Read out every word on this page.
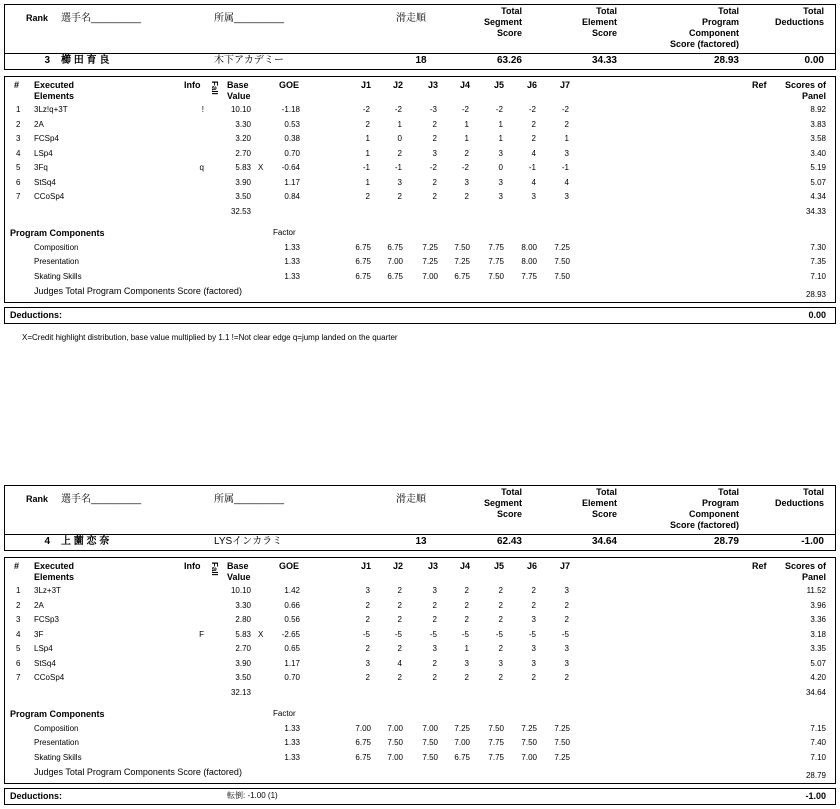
Rank 選手名_________	所属_________	滑走順
Total
Segment
Score
Total
Element
Score
Total
Program
Component
Score (factored)
Total
Deductions
3 櫛 田 育 良	木下アカデミー	18	63.26	34.33	28.93	0.00
# Executed
Elements
Info Fall Base
Value
GOE	J1	J2	J3	J4	J5	J6	J7	Ref Scores of
Panel
1 3Lz!q+3T	!	10.10	-1.18	-2	-2	-3	-2	-2	-2	-2	8.92
2 2A	3.30	0.53	2	1	2	1	1	2	2	3.83
3 FCSp4	3.20	0.38	1	0	2	1	1	2	1	3.58
4 LSp4	2.70	0.70	1	2	3	2	3	4	3	3.40
5 3Fq	q	5.83 X -0.64	-1	-1	-2	-2	0	-1	-1	5.19
6 StSq4	3.90	1.17	1	3	2	3	3	4	4	5.07
7 CCoSp4	3.50	0.84	2	2	2	2	3	3	3	4.34
32.53	34.33
Program Components	Factor
Composition	1.33	6.75 6.75 7.25 7.50 7.75 8.00 7.25	7.30
Presentation	1.33	6.75 7.00 7.25 7.25 7.75 8.00 7.50	7.35
Skating Skills	1.33	6.75 6.75 7.00 6.75 7.50 7.75 7.50	7.10
Judges Total Program Components Score (factored)	28.93
Deductions:	0.00
Rank 選手名_________	所属_________	滑走順
Total
Segment
Score
Total
Element
Score
Total
Program
Component
Score (factored)
Total
Deductions
4 上 薗 恋 奈	LYSインカラミ	13	62.43	34.64	28.79	-1.00
# Executed
Elements
Info Fall Base
Value
GOE	J1	J2	J3	J4	J5	J6	J7	Ref Scores of
Panel
1 3Lz+3T	10.10	1.42	3	2	3	2	2	2	3	11.52
2 2A	3.30	0.66	2	2	2	2	2	2	2	3.96
3 FCSp3	2.80	0.56	2	2	2	2	2	3	2	3.36
4 3F	F	5.83 X -2.65	-5	-5	-5	-5	-5	-5	-5	3.18
5 LSp4	2.70	0.65	2	2	3	1	2	3	3	3.35
6 StSq4	3.90	1.17	3	4	2	3	3	3	3	5.07
7 CCoSp4	3.50	0.70	2	2	2	2	2	2	2	4.20
32.13	34.64
Program Components	Factor
Composition	1.33	7.00 7.00 7.00 7.25 7.50 7.25 7.25	7.15
Presentation	1.33	6.75 7.50 7.50 7.00 7.75 7.50 7.50	7.40
Skating Skills	1.33	6.75 7.00 7.50 6.75 7.75 7.00 7.25	7.10
Judges Total Program Components Score (factored)	28.79
Deductions:	転倒: -1.00 (1)	-1.00
X=Credit highlight distribution, base value multiplied by 1.1 !=Not clear edge q=jump landed on the quarter
